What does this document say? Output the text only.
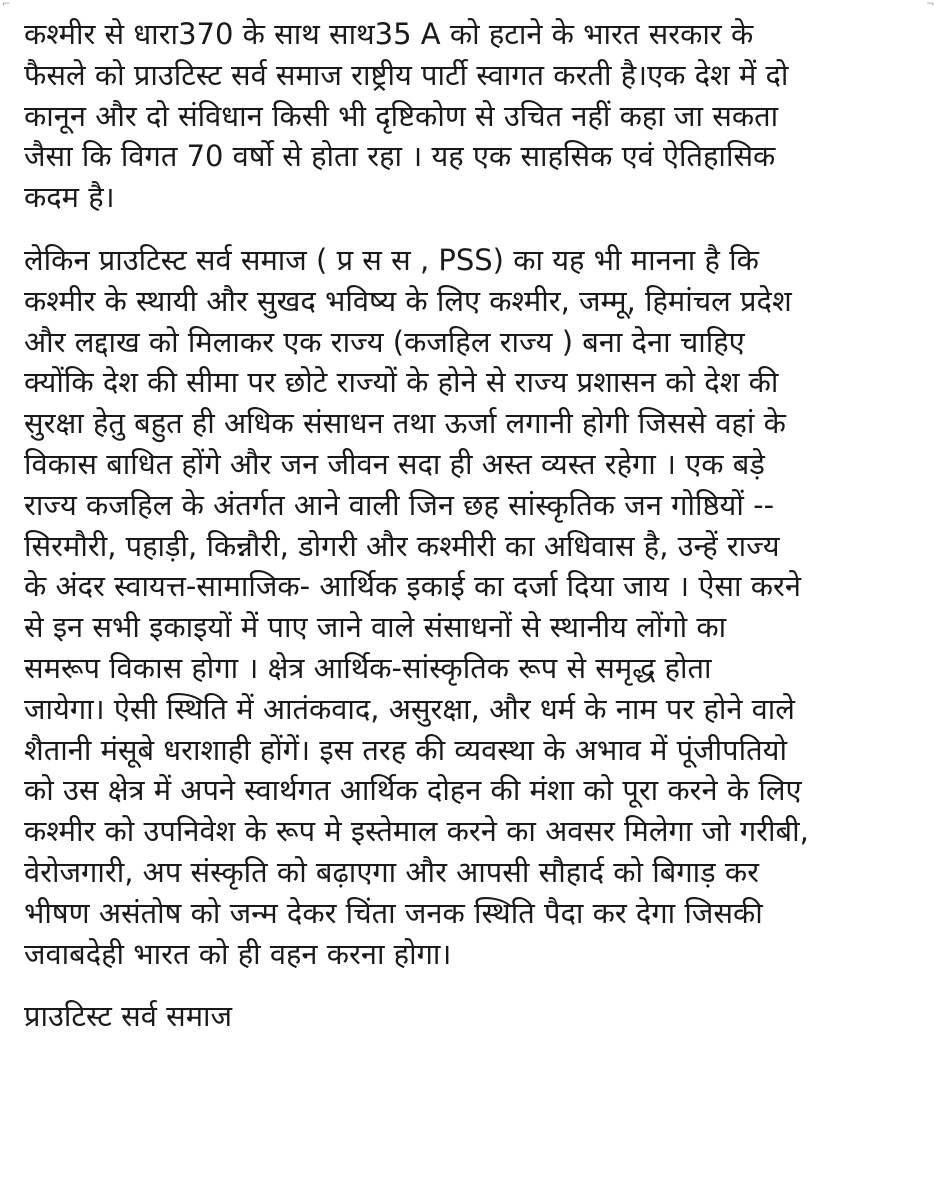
⌐	¬
कश्मीर से धारा370 के साथ साथ35 A को हटाने के भारत सरकार के
फैसले को प्राउटिस्ट सर्व समाज राष्ट्रीय पार्टी स्वागत करती है।एक देश में दो
कानून और दो संविधान किसी भी दृष्टिकोण से उचित नहीं कहा जा सकता
जैसा कि विगत 70 वर्षो से होता रहा । यह एक साहसिक एवं ऐतिहासिक
कदम है।
लेकिन प्राउटिस्ट सर्व समाज ( प्र स स , PSS) का यह भी मानना है कि
कश्मीर के स्थायी और सुखद भविष्य के लिए कश्मीर, जम्मू, हिमांचल प्रदेश
और लद्दाख को मिलाकर एक राज्य (कजहिल राज्य ) बना देना चाहिए
क्योंकि देश की सीमा पर छोटे राज्यों के होने से राज्य प्रशासन को देश की
सुरक्षा हेतु बहुत ही अधिक संसाधन तथा ऊर्जा लगानी होगी जिससे वहां के
विकास बाधित होंगे और जन जीवन सदा ही अस्त व्यस्त रहेगा । एक बड़े
राज्य कजहिल के अंतर्गत आने वाली जिन छह सांस्कृतिक जन गोष्ठियों --
सिरमौरी, पहाड़ी, किन्नौरी, डोगरी और कश्मीरी का अधिवास है, उन्हें राज्य
के अंदर स्वायत्त-सामाजिक- आर्थिक इकाई का दर्जा दिया जाय । ऐसा करने
से इन सभी इकाइयों में पाए जाने वाले संसाधनों से स्थानीय लोंगो का
समरूप विकास होगा । क्षेत्र आर्थिक-सांस्कृतिक रूप से समृद्ध होता
जायेगा। ऐसी स्थिति में आतंकवाद, असुरक्षा, और धर्म के नाम पर होने वाले
शैतानी मंसूबे धराशाही होंगें। इस तरह की व्यवस्था के अभाव में पूंजीपतियो
को उस क्षेत्र में अपने स्वार्थगत आर्थिक दोहन की मंशा को पूरा करने के लिए
कश्मीर को उपनिवेश के रूप मे इस्तेमाल करने का अवसर मिलेगा जो गरीबी,
वेरोजगारी, अप संस्कृति को बढ़ाएगा और आपसी सौहार्द को बिगाड़ कर
भीषण असंतोष को जन्म देकर चिंता जनक स्थिति पैदा कर देगा जिसकी
जवाबदेही भारत को ही वहन करना होगा।
प्राउटिस्ट सर्व समाज
